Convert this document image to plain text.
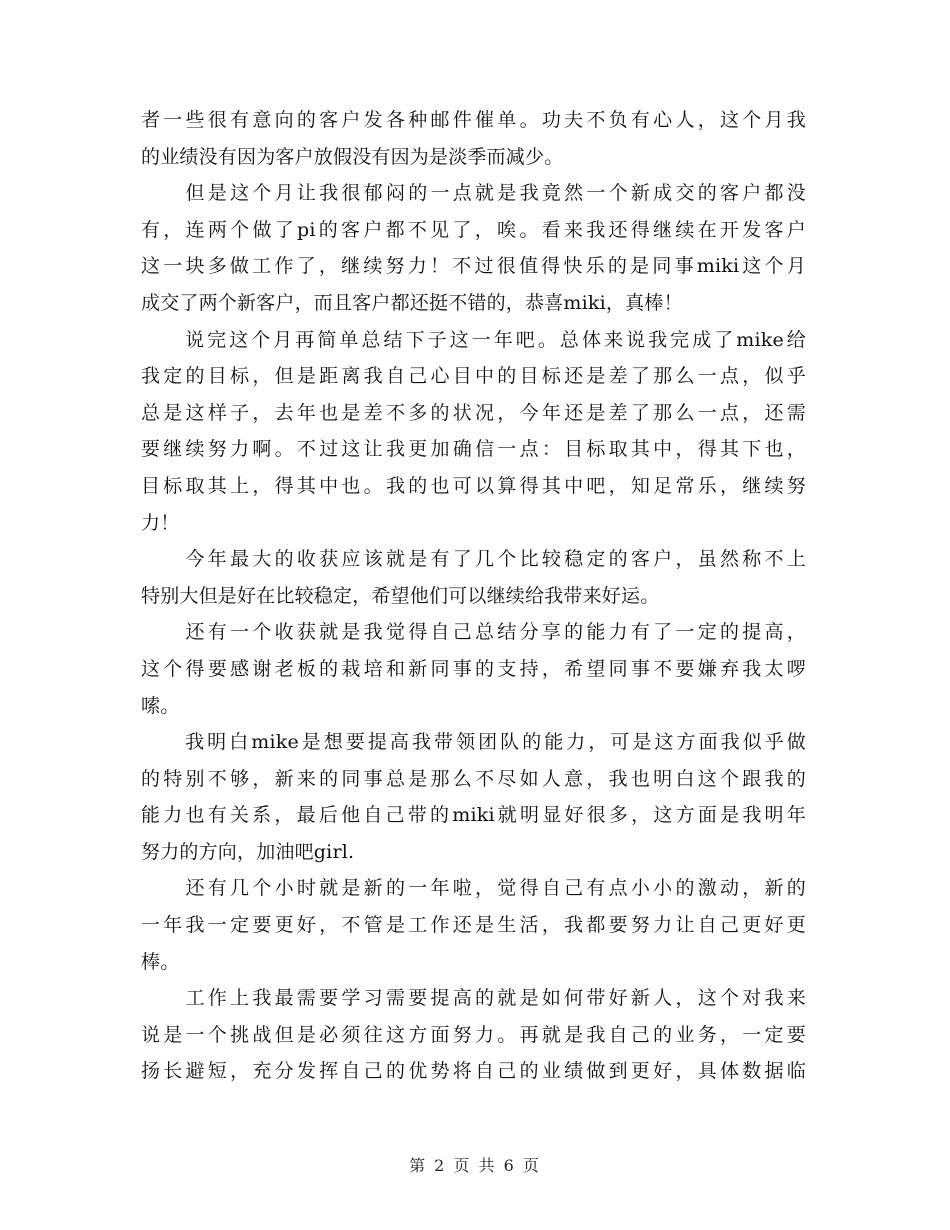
者一些很有意向的客户发各种邮件催单。功夫不负有心人，这个月我
的业绩没有因为客户放假没有因为是淡季而减少。
　　但是这个月让我很郁闷的一点就是我竟然一个新成交的客户都没
有，连两个做了pi的客户都不见了，唉。看来我还得继续在开发客户
这一块多做工作了，继续努力！不过很值得快乐的是同事miki这个月
成交了两个新客户，而且客户都还挺不错的，恭喜miki，真棒！
　　说完这个月再简单总结下子这一年吧。总体来说我完成了mike给
我定的目标，但是距离我自己心目中的目标还是差了那么一点，似乎
总是这样子，去年也是差不多的状况，今年还是差了那么一点，还需
要继续努力啊。不过这让我更加确信一点：目标取其中，得其下也，
目标取其上，得其中也。我的也可以算得其中吧，知足常乐，继续努
力！
　　今年最大的收获应该就是有了几个比较稳定的客户，虽然称不上
特别大但是好在比较稳定，希望他们可以继续给我带来好运。
　　还有一个收获就是我觉得自己总结分享的能力有了一定的提高，
这个得要感谢老板的栽培和新同事的支持，希望同事不要嫌弃我太啰
嗦。
　　我明白mike是想要提高我带领团队的能力，可是这方面我似乎做
的特别不够，新来的同事总是那么不尽如人意，我也明白这个跟我的
能力也有关系，最后他自己带的miki就明显好很多，这方面是我明年
努力的方向，加油吧girl.
　　还有几个小时就是新的一年啦，觉得自己有点小小的激动，新的
一年我一定要更好，不管是工作还是生活，我都要努力让自己更好更
棒。
　　工作上我最需要学习需要提高的就是如何带好新人，这个对我来
说是一个挑战但是必须往这方面努力。再就是我自己的业务，一定要
扬长避短，充分发挥自己的优势将自己的业绩做到更好，具体数据临
第 2 页 共 6 页
